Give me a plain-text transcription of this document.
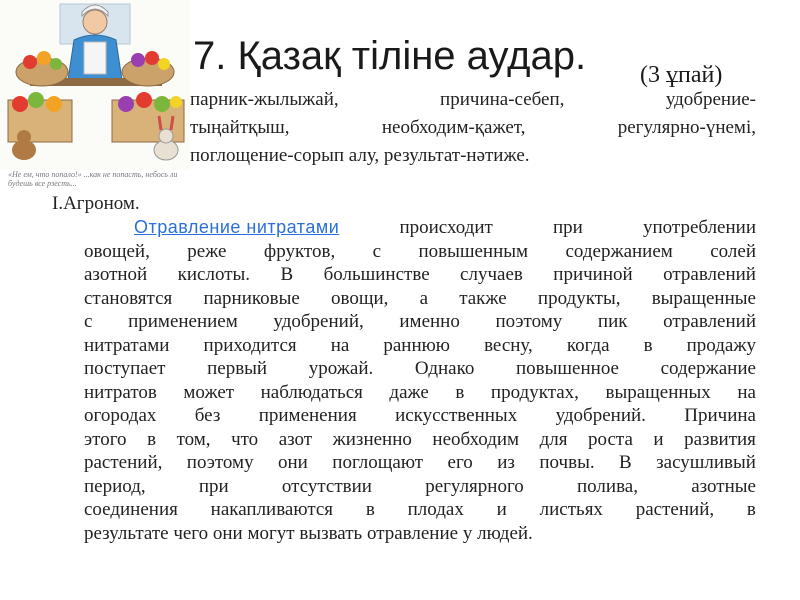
«Не ем, что попало!» ...как не попасть, небось ли будешь все рзесть...
7. Қазақ тіліне аудар. (3 ұпай)
парник-жылыжай,	причина-себеп,	удобрение-
тыңайтқыш,	необходим-қажет,	регулярно-үнемі,
поглощение-сорып алу, результат-нәтиже.
I.Агроном.
Отравление нитратами	происходит	при	употреблении
овощей, реже фруктов, с повышенным содержанием солей
азотной кислоты. В большинстве случаев причиной отравлений
становятся парниковые овощи, а также продукты, выращенные
с применением удобрений, именно поэтому пик отравлений
нитратами приходится на раннюю весну, когда в продажу
поступает первый урожай. Однако повышенное содержание
нитратов может наблюдаться даже в продуктах, выращенных на
огородах без применения искусственных удобрений. Причина
этого в том, что азот жизненно необходим для роста и развития
растений, поэтому они поглощают его из почвы. В засушливый
период,	при	отсутствии	регулярного	полива,	азотные
соединения накапливаются в плодах и листьях растений, в
результате чего они могут вызвать отравление у людей.
